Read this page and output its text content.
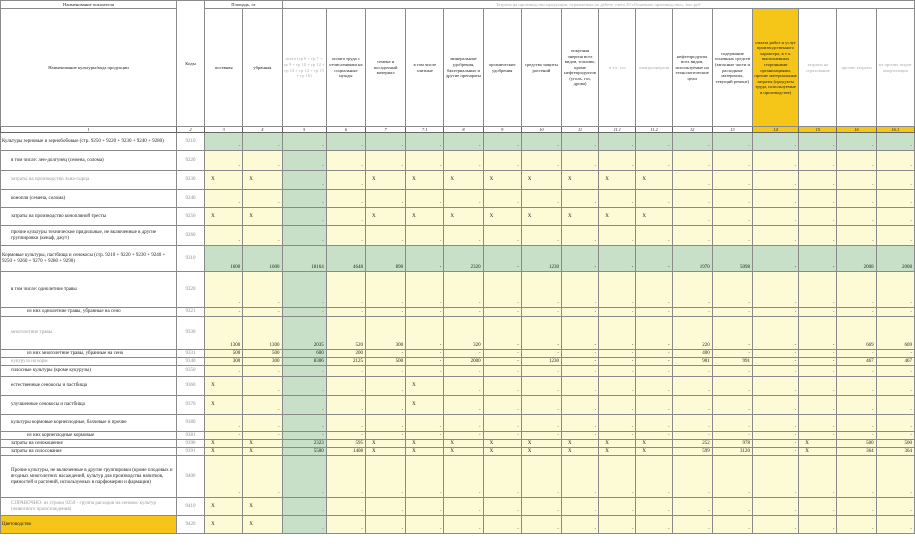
Наименование показателя	Коды	Площадь, га		Затраты на производство продукции, отражаемые по дебету счета 20 «Основное производство», тыс руб															
Наименование культуры/вида продукции		посевная	убранная	всего (гр 6 + гр 7 + гр 9 + гр 10 + гр 12 + гр 13 + гр 14 + гр 15 + гр 16)	оплата труда с отчислениями на социальные нужды	семена и посадочный материал	в том числе элитные	минеральные удобрения, бактериальные и другие препараты	органические удобрения	средства защиты растений	покупная энергия всех видов, топливо, кроме нефтепродуктов (уголь, газ, дрова)	в т.ч. газ	электроэнергия	нефтепродукты всех видов, используемые на технологические цели	содержание основных средств (запасные части и расходные материалы, текущий ремонт)	оплата работ и услуг производственного характера, в т.ч. выполненных сторонними организациями, прочие материальные затраты (продукты труда, используемые в производстве)	затраты на страхование	прочие затраты	из прочих затрат амортизация
1	2	3	4	5	6	7	7.1	8	9	10	11	11.1	11.2	12	13	14	15	16	16.1
Культуры зерновые и зернобобовые (стр. 9250 + 9220 + 9230 + 9240 + 9280)	9210	-	-	-	-	-	-	-	-	-	-	-	-	-	-	-	-	-	-
в том числе: лен-долгунец (семена, солома)	9220	-	-	-	-	-	-	-	-	-	-	-	-	-	-	-	-	-	-
затраты на производство льна-сырца	9230	X	X	-	-	X	X	X	X	X	X	X	X	-	-	-	-	-	-
конопля (семена, солома)	9240	-	-	-	-	-	-	-	-	-	-	-	-	-	-	-	-	-	-
затраты на производство конопляной тресты	9250	X	X	-	-	X	X	X	X	X	X	X	X	-	-	-	-	-	-
прочие культуры технические прядильные, не включенные в другие группировки (кенаф, джут)	9260	-	-	-	-	-	-	-	-	-	-	-	-	-	-	-	-	-	-
Кормовые культуры, пастбища и сенокосы (стр. 9210 + 9220 + 9230 + 9240 + 9250 + 9260 + 9270 + 9280 + 9290)	9310	1600	1600	18164	4648	890	-	2320	-	1230	-	-	-	1970	5098	-	-	2008	2008
в том числе: однолетние травы	9320	-	-	-	-	-	-	-	-	-	-	-	-	-	-	-	-	-	-
из них однолетние травы, убранные на сено	9321	-	-	-	-	-	-	-	-	-	-	-	-	-	-	-	-	-	-
многолетние травы	9330	1300	1300	2035	520	300	-	320	-	-	-	-	-	220	-	-	-	669	669
из них многолетние травы, убранные на сено	9331	500	500	600	200	-	-	-	-	-	-	-	-	400	-	-	-	-	-
кукуруза на корм	9340	300	300	8306	2125	500	-	2000	-	1230	-	-	-	901	991	-	-	467	467
силосные культуры (кроме кукурузы)	9350	-	-	-	-	-	-	-	-	-	-	-	-	-	-	-	-	-	-
естественные сенокосы и пастбища	9360	X	-	-	-	-	X	-	-	-	-	-	-	-	-	-	-	-	-
улучшенные сенокосы и пастбища	9370	X	-	-	-	-	X	-	-	-	-	-	-	-	-	-	-	-	-
культуры кормовые корнеплодные, бахчевые и прочие	9380	-	-	-	-	-	-	-	-	-	-	-	-	-	-	-	-	-	-
из них корнеплодные кормовые	9381	-	-	-	-	-	-	-	-	-	-	-	-	-	-	-	-	-	-
затраты на сенокошение	9390	X	X	2323	595	X	X	X	X	X	X	X	X	252	978	-	X	500	500
затраты на силосование	9391	X	X	5500	1408	X	X	X	X	X	X	X	X	599	3120	-	X	364	364
Прочие культуры, не включенные в другие группировки (кроме плодовых и ягодных многолетних насаждений, культур для производства напитков, пряностей и растений, используемых в парфюмерии и фармации)	9400	-	-	-	-	-	-	-	-	-	-	-	-	-	-	-	-	-	-
СПРАВОЧНО: из строки 9250 - группа расходов на сенокос культур (животного происхождения)	9410	X	X	-	-	-	-	-	-	-	-	-	-	-	-	-	-	-	-
Цветоводство	9420	X	X	-	-	-	-	-	-	-	-	-	-	-	-	-	-	-	-
